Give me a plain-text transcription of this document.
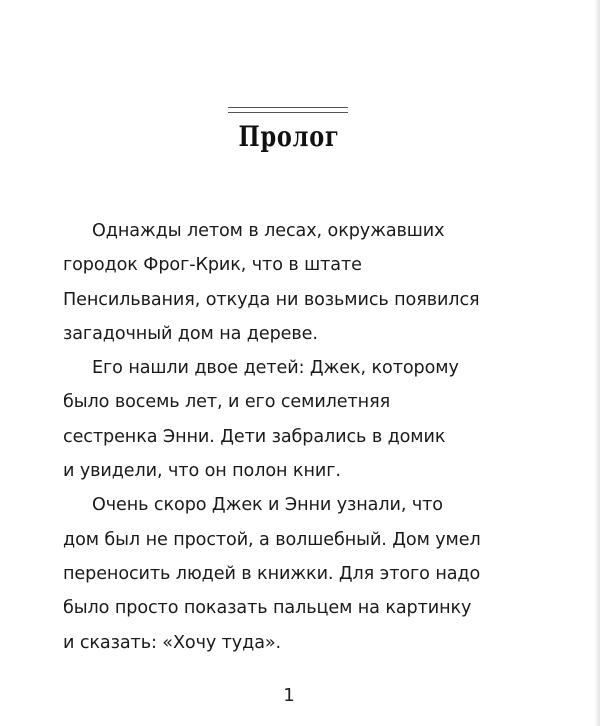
Пролог

Однажды летом в лесах, окружавших
городок Фрог-Крик, что в штате
Пенсильвания, откуда ни возьмись появился
загадочный дом на дереве.

Его нашли двое детей: Джек, которому
было восемь лет, и его семилетняя
сестренка Энни. Дети забрались в домик
и увидели, что он полон книг.

Очень скоро Джек и Энни узнали, что
дом был не простой, а волшебный. Дом умел
переносить людей в книжки. Для этого надо
было просто показать пальцем на картинку
и сказать: «Хочу туда».

1
